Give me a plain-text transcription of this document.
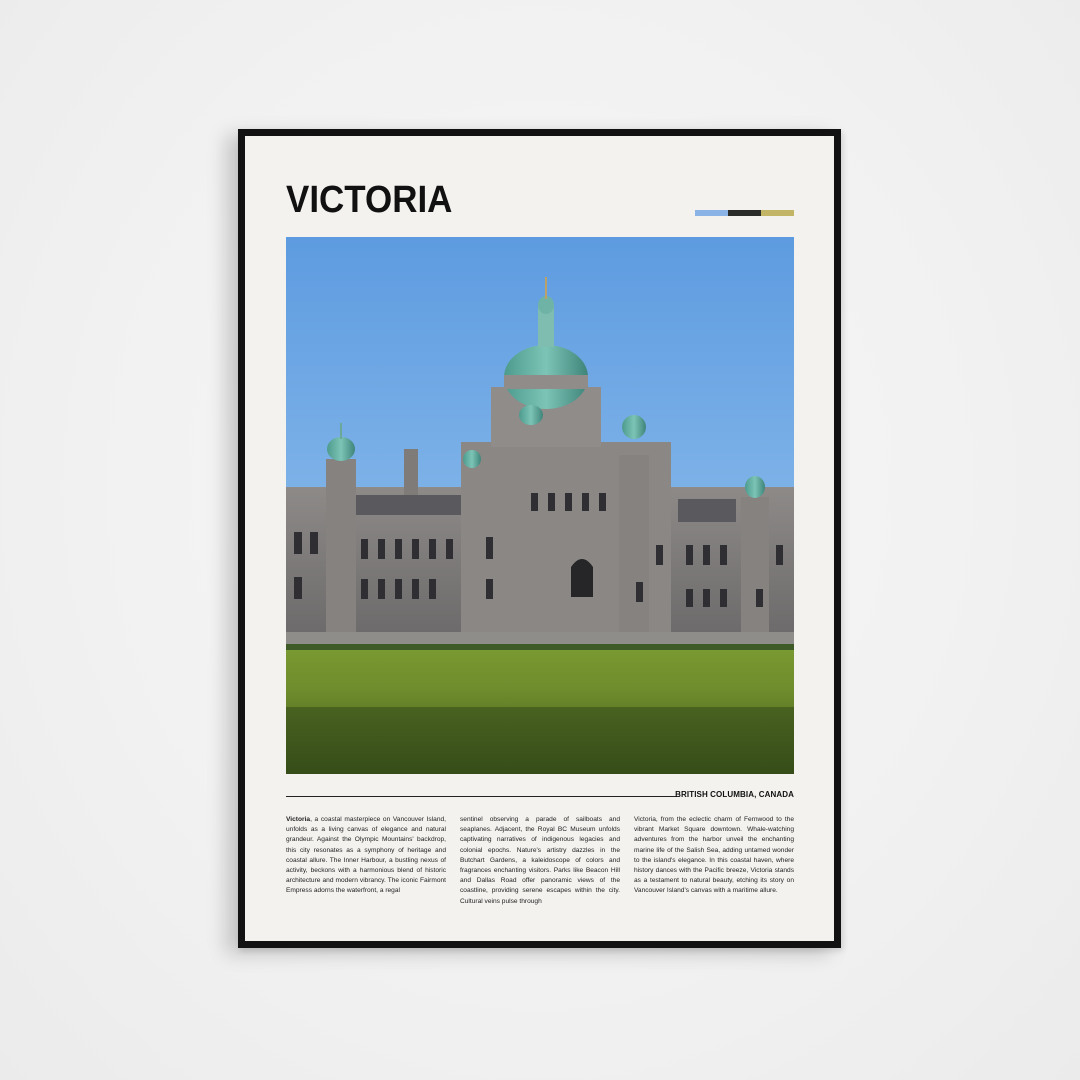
VICTORIA
BRITISH COLUMBIA, CANADA
Victoria, a coastal masterpiece on Vancouver Island, unfolds as a living canvas of elegance and natural grandeur. Against the Olympic Mountains' backdrop, this city resonates as a symphony of heritage and coastal allure. The Inner Harbour, a bustling nexus of activity, beckons with a harmonious blend of historic architecture and modern vibrancy. The iconic Fairmont Empress adorns the waterfront, a regal
sentinel observing a parade of sailboats and seaplanes. Adjacent, the Royal BC Museum unfolds captivating narratives of indigenous legacies and colonial epochs. Nature's artistry dazzles in the Butchart Gardens, a kaleidoscope of colors and fragrances enchanting visitors. Parks like Beacon Hill and Dallas Road offer panoramic views of the coastline, providing serene escapes within the city. Cultural veins pulse through
Victoria, from the eclectic charm of Fernwood to the vibrant Market Square downtown. Whale-watching adventures from the harbor unveil the enchanting marine life of the Salish Sea, adding untamed wonder to the island's elegance. In this coastal haven, where history dances with the Pacific breeze, Victoria stands as a testament to natural beauty, etching its story on Vancouver Island's canvas with a maritime allure.
